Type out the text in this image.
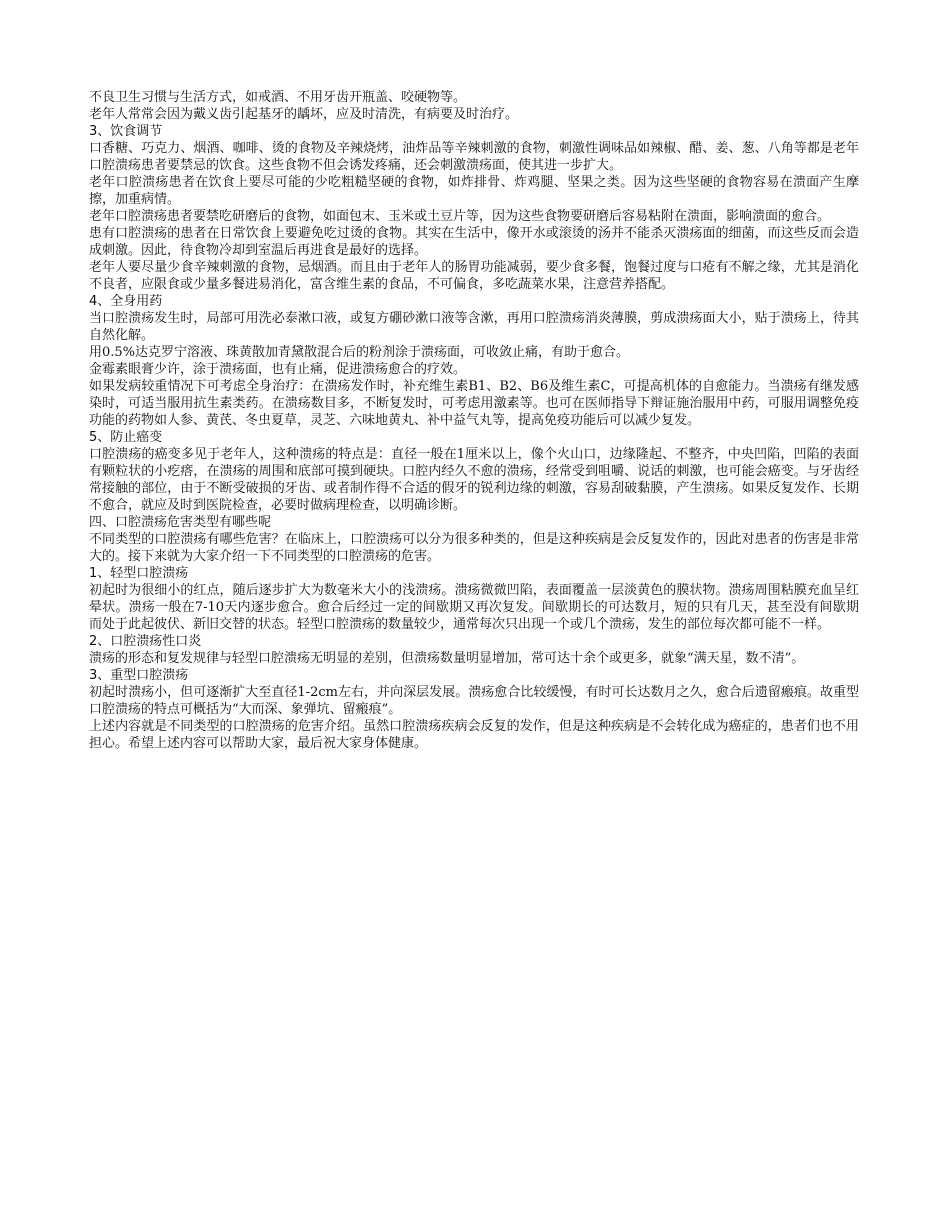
不良卫生习惯与生活方式，如戒酒、不用牙齿开瓶盖、咬硬物等。

老年人常常会因为戴义齿引起基牙的龋坏，应及时清洗，有病要及时治疗。

3、饮食调节

口香糖、巧克力、烟酒、咖啡、烫的食物及辛辣烧烤，油炸品等辛辣刺激的食物，刺激性调味品如辣椒、醋、姜、葱、八角等都是老年口腔溃疡患者要禁忌的饮食。这些食物不但会诱发疼痛，还会刺激溃疡面，使其进一步扩大。

老年口腔溃疡患者在饮食上要尽可能的少吃粗糙坚硬的食物，如炸排骨、炸鸡腿、坚果之类。因为这些坚硬的食物容易在溃面产生摩擦，加重病情。

老年口腔溃疡患者要禁吃研磨后的食物，如面包末、玉米或土豆片等，因为这些食物要研磨后容易粘附在溃面，影响溃面的愈合。

患有口腔溃疡的患者在日常饮食上要避免吃过烫的食物。其实在生活中，像开水或滚烫的汤并不能杀灭溃疡面的细菌，而这些反而会造成刺激。因此，待食物冷却到室温后再进食是最好的选择。

老年人要尽量少食辛辣刺激的食物，忌烟酒。而且由于老年人的肠胃功能减弱，要少食多餐，饱餐过度与口疮有不解之缘，尤其是消化不良者，应限食或少量多餐进易消化，富含维生素的食品，不可偏食，多吃蔬菜水果，注意营养搭配。

4、全身用药

当口腔溃疡发生时，局部可用洗必泰漱口液，或复方硼砂漱口液等含漱，再用口腔溃疡消炎薄膜，剪成溃疡面大小，贴于溃疡上，待其自然化解。

用0.5%达克罗宁溶液、珠黄散加青黛散混合后的粉剂涂于溃疡面，可收敛止痛，有助于愈合。

金霉素眼膏少许，涂于溃疡面，也有止痛，促进溃疡愈合的疗效。

如果发病较重情况下可考虑全身治疗：在溃疡发作时，补充维生素B1、B2、B6及维生素C，可提高机体的自愈能力。当溃疡有继发感染时，可适当服用抗生素类药。在溃疡数目多，不断复发时，可考虑用激素等。也可在医师指导下辩证施治服用中药，可服用调整免疫功能的药物如人参、黄芪、冬虫夏草，灵芝、六味地黄丸、补中益气丸等，提高免疫功能后可以减少复发。

5、防止癌变

口腔溃疡的癌变多见于老年人，这种溃疡的特点是：直径一般在1厘米以上，像个火山口，边缘隆起、不整齐，中央凹陷，凹陷的表面有颗粒状的小疙瘩，在溃疡的周围和底部可摸到硬块。口腔内经久不愈的溃疡，经常受到咀嚼、说话的刺激，也可能会癌变。与牙齿经常接触的部位，由于不断受破损的牙齿、或者制作得不合适的假牙的锐利边缘的刺激，容易刮破黏膜，产生溃疡。如果反复发作、长期不愈合，就应及时到医院检查，必要时做病理检查，以明确诊断。

四、口腔溃疡危害类型有哪些呢

不同类型的口腔溃疡有哪些危害？在临床上，口腔溃疡可以分为很多种类的，但是这种疾病是会反复发作的，因此对患者的伤害是非常大的。接下来就为大家介绍一下不同类型的口腔溃疡的危害。

1、轻型口腔溃疡

初起时为很细小的红点，随后逐步扩大为数毫米大小的浅溃疡。溃疡微微凹陷，表面覆盖一层淡黄色的膜状物。溃疡周围粘膜充血呈红晕状。溃疡一般在7-10天内逐步愈合。愈合后经过一定的间歇期又再次复发。间歇期长的可达数月，短的只有几天，甚至没有间歇期而处于此起彼伏、新旧交替的状态。轻型口腔溃疡的数量较少，通常每次只出现一个或几个溃疡，发生的部位每次都可能不一样。

2、口腔溃疡性口炎

溃疡的形态和复发规律与轻型口腔溃疡无明显的差别，但溃疡数量明显增加，常可达十余个或更多，就象“满天星，数不清”。

3、重型口腔溃疡

初起时溃疡小，但可逐渐扩大至直径1-2cm左右，并向深层发展。溃疡愈合比较缓慢，有时可长达数月之久，愈合后遗留瘢痕。故重型口腔溃疡的特点可概括为“大而深、象弹坑、留瘢痕”。

上述内容就是不同类型的口腔溃疡的危害介绍。虽然口腔溃疡疾病会反复的发作，但是这种疾病是不会转化成为癌症的，患者们也不用担心。希望上述内容可以帮助大家，最后祝大家身体健康。
